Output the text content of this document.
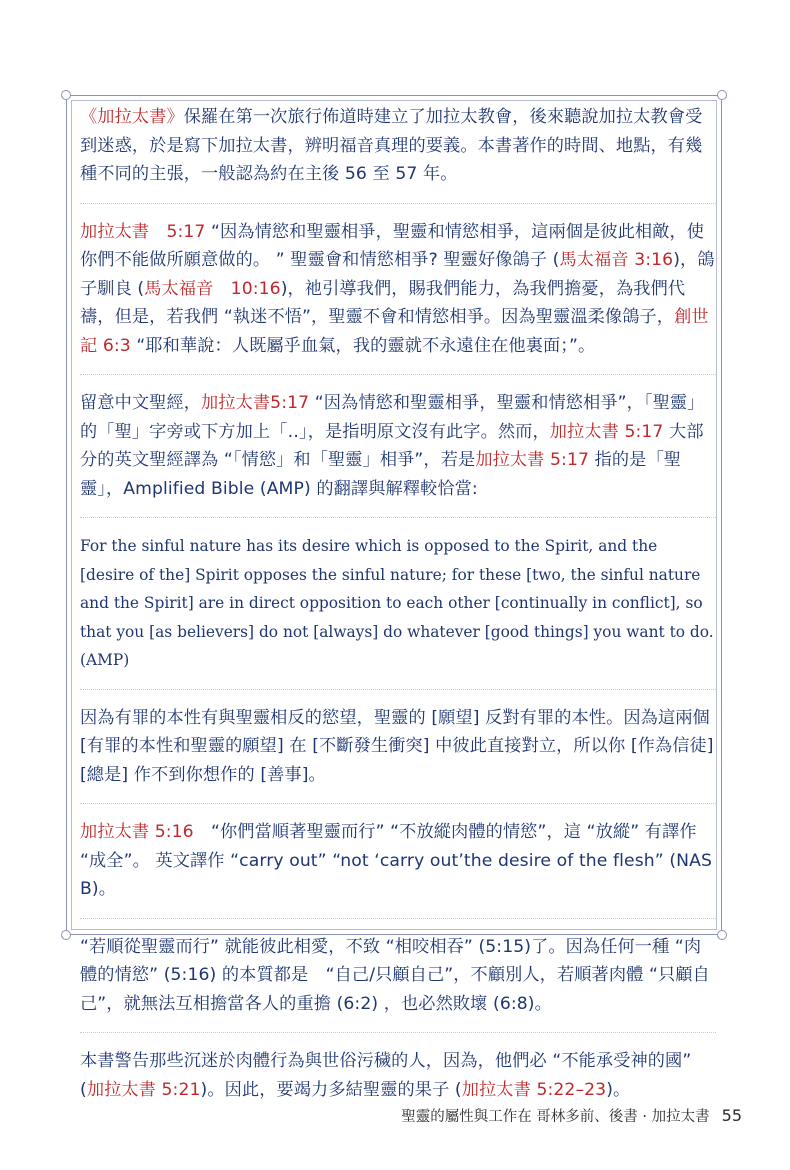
《加拉太書》保羅在第一次旅行佈道時建立了加拉太教會，後來聽說加拉太教會受到迷惑，於是寫下加拉太書，辨明福音真理的要義。本書著作的時間、地點，有幾種不同的主張，一般認為約在主後 56 至 57 年。

加拉太書　5:17 “因為情慾和聖靈相爭，聖靈和情慾相爭，這兩個是彼此相敵，使你們不能做所願意做的。 ” 聖靈會和情慾相爭? 聖靈好像鴿子 (馬太福音 3:16)，鴿子馴良 (馬太福音　10:16)，祂引導我們，賜我們能力，為我們擔憂，為我們代禱，但是，若我們 “執迷不悟”，聖靈不會和情慾相爭。因為聖靈溫柔像鴿子，創世記 6:3 “耶和華說：人既屬乎血氣，我的靈就不永遠住在他裏面；”。

留意中文聖經，加拉太書5:17 “因為情慾和聖靈相爭，聖靈和情慾相爭”，「聖靈」的「聖」字旁或下方加上「‥」，是指明原文沒有此字。然而，加拉太書 5:17 大部分的英文聖經譯為 “「情慾」和「聖靈」相爭”，若是加拉太書 5:17 指的是「聖靈」，Amplified Bible (AMP) 的翻譯與解釋較恰當:

For the sinful nature has its desire which is opposed to the Spirit, and the [desire of the] Spirit opposes the sinful nature; for these [two, the sinful nature and the Spirit] are in direct opposition to each other [continually in conflict], so that you [as believers] do not [always] do whatever [good things] you want to do. (AMP)

因為有罪的本性有與聖靈相反的慾望，聖靈的 [願望] 反對有罪的本性。因為這兩個 [有罪的本性和聖靈的願望] 在 [不斷發生衝突] 中彼此直接對立，所以你 [作為信徒] [總是] 作不到你想作的 [善事]。

加拉太書 5:16　“你們當順著聖靈而行” “不放縱肉體的情慾”，這 “放縱” 有譯作 “成全”。 英文譯作 “carry out” “not ‘carry out’the desire of the flesh” (NASB)。

“若順從聖靈而行” 就能彼此相愛，不致 “相咬相吞” (5:15)了。因為任何一種 “肉體的情慾” (5:16) 的本質都是　“自己/只顧自己”，不顧別人，若順著肉體 “只顧自己”，就無法互相擔當各人的重擔 (6:2) ，也必然敗壞 (6:8)。

本書警告那些沉迷於肉體行為與世俗污穢的人，因為，他們必 “不能承受神的國” (加拉太書 5:21)。因此，要竭力多結聖靈的果子 (加拉太書 5:22–23)。

聖靈的屬性與工作在 哥林多前、後書 · 加拉太書 55
